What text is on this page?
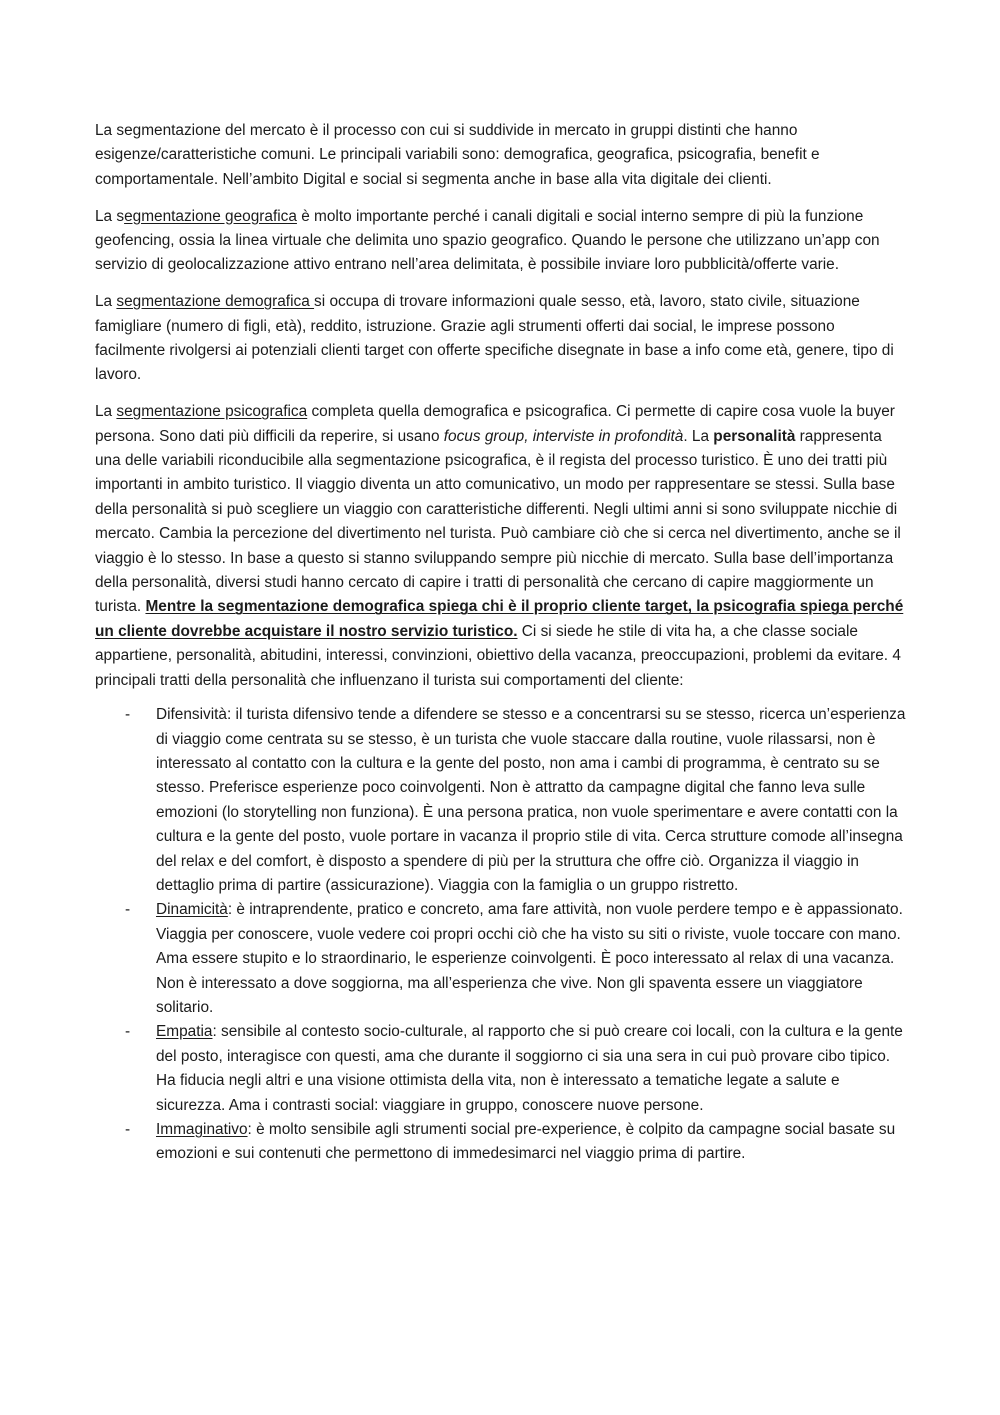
La segmentazione del mercato è il processo con cui si suddivide in mercato in gruppi distinti che hanno esigenze/caratteristiche comuni. Le principali variabili sono: demografica, geografica, psicografia, benefit e comportamentale. Nell’ambito Digital e social si segmenta anche in base alla vita digitale dei clienti.

La segmentazione geografica è molto importante perché i canali digitali e social interno sempre di più la funzione geofencing, ossia la linea virtuale che delimita uno spazio geografico. Quando le persone che utilizzano un’app con servizio di geolocalizzazione attivo entrano nell’area delimitata, è possibile inviare loro pubblicità/offerte varie.

La segmentazione demografica si occupa di trovare informazioni quale sesso, età, lavoro, stato civile, situazione famigliare (numero di figli, età), reddito, istruzione. Grazie agli strumenti offerti dai social, le imprese possono facilmente rivolgersi ai potenziali clienti target con offerte specifiche disegnate in base a info come età, genere, tipo di lavoro.

La segmentazione psicografica completa quella demografica e psicografica. Ci permette di capire cosa vuole la buyer persona. Sono dati più difficili da reperire, si usano focus group, interviste in profondità. La personalità rappresenta una delle variabili riconducibile alla segmentazione psicografica, è il regista del processo turistico. È uno dei tratti più importanti in ambito turistico. Il viaggio diventa un atto comunicativo, un modo per rappresentare se stessi. Sulla base della personalità si può scegliere un viaggio con caratteristiche differenti. Negli ultimi anni si sono sviluppate nicchie di mercato. Cambia la percezione del divertimento nel turista. Può cambiare ciò che si cerca nel divertimento, anche se il viaggio è lo stesso. In base a questo si stanno sviluppando sempre più nicchie di mercato. Sulla base dell’importanza della personalità, diversi studi hanno cercato di capire i tratti di personalità che cercano di capire maggiormente un turista. Mentre la segmentazione demografica spiega chi è il proprio cliente target, la psicografia spiega perché un cliente dovrebbe acquistare il nostro servizio turistico. Ci si siede he stile di vita ha, a che classe sociale appartiene, personalità, abitudini, interessi, convinzioni, obiettivo della vacanza, preoccupazioni, problemi da evitare. 4 principali tratti della personalità che influenzano il turista sui comportamenti del cliente:

- Difensività: il turista difensivo tende a difendere se stesso e a concentrarsi su se stesso, ricerca un’esperienza di viaggio come centrata su se stesso, è un turista che vuole staccare dalla routine, vuole rilassarsi, non è interessato al contatto con la cultura e la gente del posto, non ama i cambi di programma, è centrato su se stesso. Preferisce esperienze poco coinvolgenti. Non è attratto da campagne digital che fanno leva sulle emozioni (lo storytelling non funziona). È una persona pratica, non vuole sperimentare e avere contatti con la cultura e la gente del posto, vuole portare in vacanza il proprio stile di vita. Cerca strutture comode all’insegna del relax e del comfort, è disposto a spendere di più per la struttura che offre ciò. Organizza il viaggio in dettaglio prima di partire (assicurazione). Viaggia con la famiglia o un gruppo ristretto.
- Dinamicità: è intraprendente, pratico e concreto, ama fare attività, non vuole perdere tempo e è appassionato. Viaggia per conoscere, vuole vedere coi propri occhi ciò che ha visto su siti o riviste, vuole toccare con mano. Ama essere stupito e lo straordinario, le esperienze coinvolgenti. È poco interessato al relax di una vacanza. Non è interessato a dove soggiorna, ma all’esperienza che vive. Non gli spaventa essere un viaggiatore solitario.
- Empatia: sensibile al contesto socio-culturale, al rapporto che si può creare coi locali, con la cultura e la gente del posto, interagisce con questi, ama che durante il soggiorno ci sia una sera in cui può provare cibo tipico. Ha fiducia negli altri e una visione ottimista della vita, non è interessato a tematiche legate a salute e sicurezza. Ama i contrasti social: viaggiare in gruppo, conoscere nuove persone.
- Immaginativo: è molto sensibile agli strumenti social pre-experience, è colpito da campagne social basate su emozioni e sui contenuti che permettono di immedesimarci nel viaggio prima di partire.
